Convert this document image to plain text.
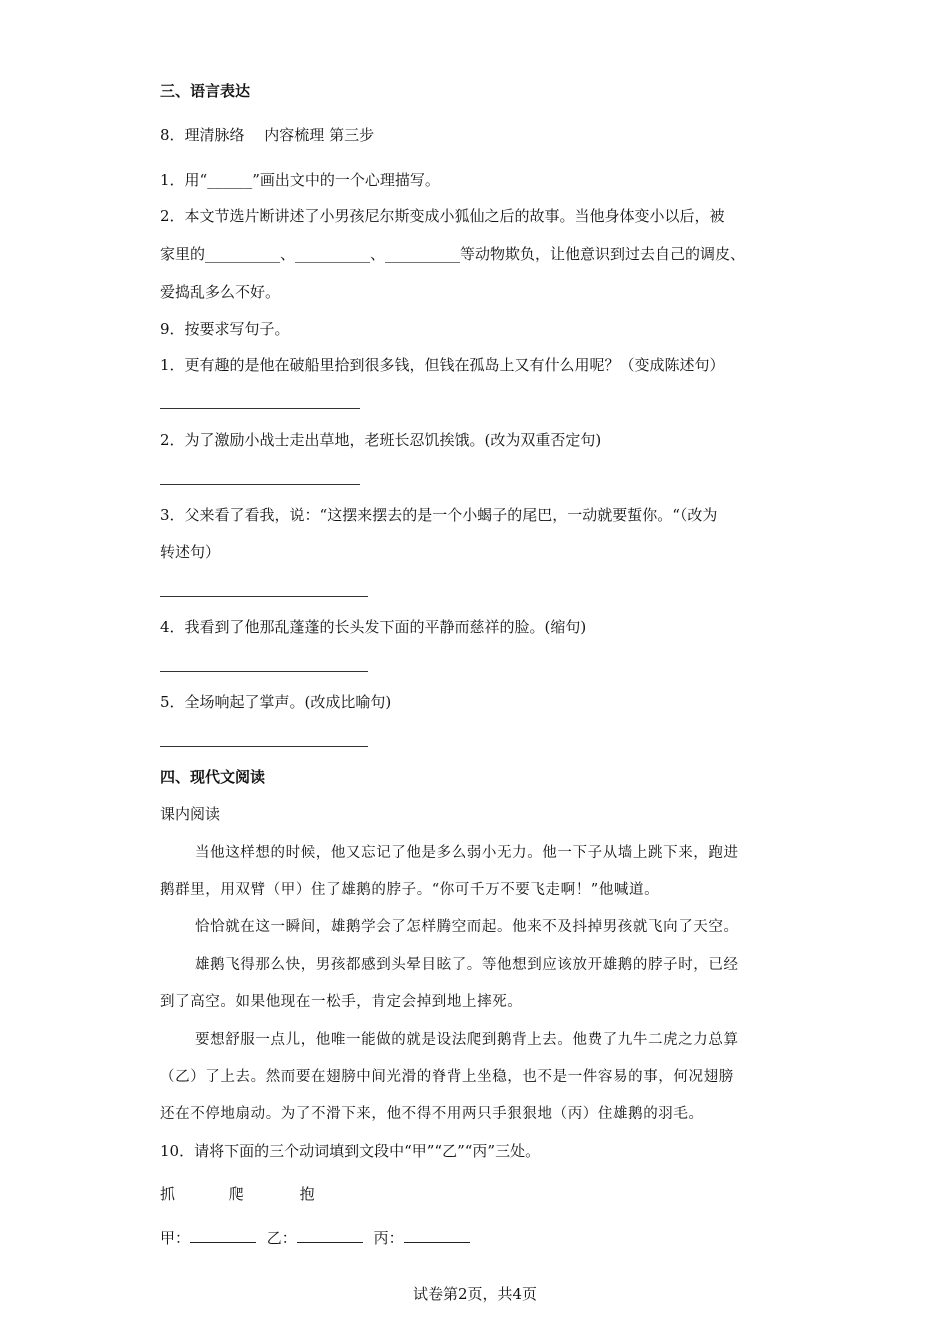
三、语言表达
8．理清脉络　 内容梳理 第三步
1．用“______”画出文中的一个心理描写。
2．本文节选片断讲述了小男孩尼尔斯变成小狐仙之后的故事。当他身体变小以后，被
家里的__________、__________、__________等动物欺负，让他意识到过去自己的调皮、
爱捣乱多么不好。
9．按要求写句子。
1．更有趣的是他在破船里拾到很多钱，但钱在孤岛上又有什么用呢？（变成陈述句）
2．为了激励小战士走出草地，老班长忍饥挨饿。(改为双重否定句)
3．父来看了看我，说：“这摆来摆去的是一个小蝎子的尾巴，一动就要蜇你。“（改为
转述句）
4．我看到了他那乱蓬蓬的长头发下面的平静而慈祥的脸。(缩句)
5．全场响起了掌声。(改成比喻句)
四、现代文阅读
课内阅读
当他这样想的时候，他又忘记了他是多么弱小无力。他一下子从墙上跳下来，跑进
鹅群里，用双臂（甲）住了雄鹅的脖子。“你可千万不要飞走啊！”他喊道。
恰恰就在这一瞬间，雄鹅学会了怎样腾空而起。他来不及抖掉男孩就飞向了天空。
雄鹅飞得那么快，男孩都感到头晕目眩了。等他想到应该放开雄鹅的脖子时，已经
到了高空。如果他现在一松手，肯定会掉到地上摔死。
要想舒服一点儿，他唯一能做的就是设法爬到鹅背上去。他费了九牛二虎之力总算
（乙）了上去。然而要在翅膀中间光滑的脊背上坐稳，也不是一件容易的事，何况翅膀
还在不停地扇动。为了不滑下来，他不得不用两只手狠狠地（丙）住雄鹅的羽毛。
10．请将下面的三个动词填到文段中“甲”“乙”“丙”三处。
抓	爬	抱
甲：	乙：	丙：
试卷第2页，共4页
